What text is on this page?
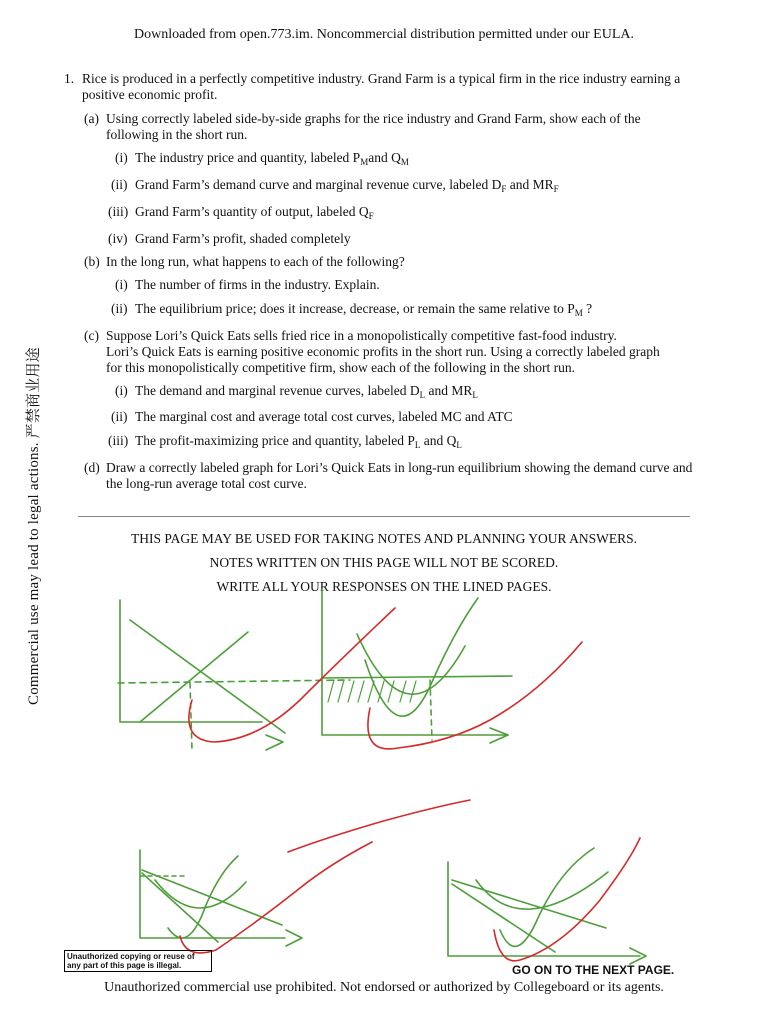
Downloaded from open.773.im. Noncommercial distribution permitted under our EULA.
Commercial use may lead to legal actions. 严禁商业用途
1. Rice is produced in a perfectly competitive industry. Grand Farm is a typical firm in the rice industry earning a
positive economic profit.
(a) Using correctly labeled side-by-side graphs for the rice industry and Grand Farm, show each of the
following in the short run.
(i) The industry price and quantity, labeled $P_Mand$ $Q_M$
(ii) Grand Farm’s demand curve and marginal revenue curve, labeled $D_F$ and $MR_F$
(iii) Grand Farm’s quantity of output, labeled $Q_F$
(iv) Grand Farm’s profit, shaded completely
(b) In the long run, what happens to each of the following?
(i) The number of firms in the industry. Explain.
(ii) The equilibrium price; does it increase, decrease, or remain the same relative to $P_M$ ?
(c) Suppose Lori’s Quick Eats sells fried rice in a monopolistically competitive fast-food industry.
Lori’s Quick Eats is earning positive economic profits in the short run. Using a correctly labeled graph
for this monopolistically competitive firm, show each of the following in the short run.
(i) The demand and marginal revenue curves, labeled $D_L$ and $MR_L$
(ii) The marginal cost and average total cost curves, labeled MC and ATC
(iii) The profit-maximizing price and quantity, labeled $P_L$ and $Q_L$
(d) Draw a correctly labeled graph for Lori’s Quick Eats in long-run equilibrium showing the demand curve and
the long-run average total cost curve.
THIS PAGE MAY BE USED FOR TAKING NOTES AND PLANNING YOUR ANSWERS.
NOTES WRITTEN ON THIS PAGE WILL NOT BE SCORED.
WRITE ALL YOUR RESPONSES ON THE LINED PAGES.
P
S
Pm
D
Qm Q
Market
P	MC
ATC
DF=MRF
QF Q
b: enter, because they are earning positive economic proft,
P
C:
PL
MC
ATC
DL
MRL Q
P
d:
MC ATC
D
MR	Q
Unauthorized copying or reuse of any part of this page is illegal.	GO ON TO THE NEXT PAGE.
Unauthorized commercial use prohibited. Not endorsed or authorized by Collegeboard or its agents.
